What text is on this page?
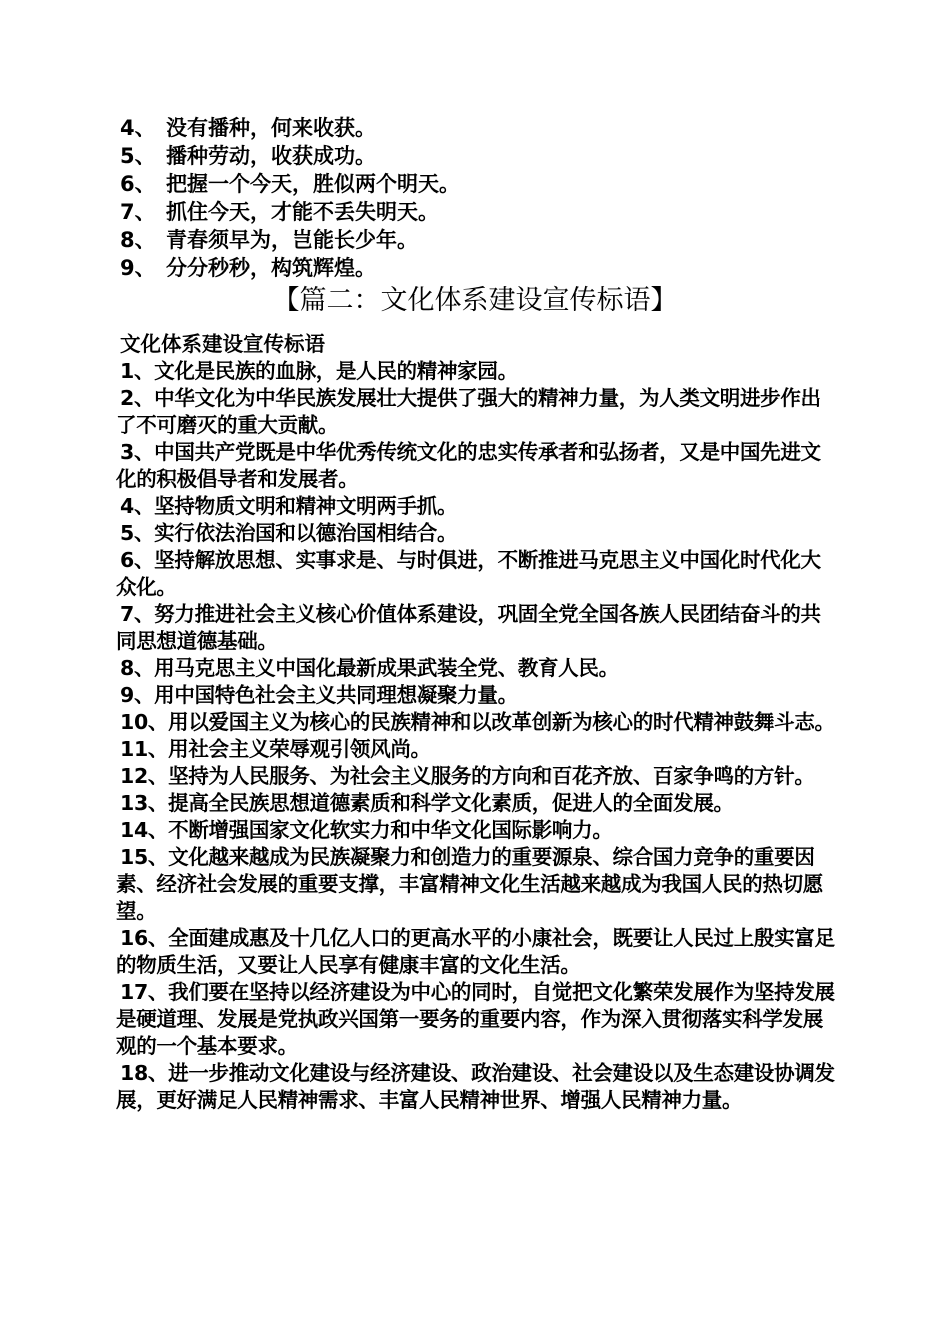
4、 没有播种，何来收获。
5、 播种劳动，收获成功。
6、 把握一个今天，胜似两个明天。
7、 抓住今天，才能不丢失明天。
8、 青春须早为，岂能长少年。
9、 分分秒秒，构筑辉煌。
【篇二：文化体系建设宣传标语】
文化体系建设宣传标语
1、文化是民族的血脉，是人民的精神家园。
2、中华文化为中华民族发展壮大提供了强大的精神力量，为人类文明进步作出了不可磨灭的重大贡献。
3、中国共产党既是中华优秀传统文化的忠实传承者和弘扬者，又是中国先进文化的积极倡导者和发展者。
4、坚持物质文明和精神文明两手抓。
5、实行依法治国和以德治国相结合。
6、坚持解放思想、实事求是、与时俱进，不断推进马克思主义中国化时代化大众化。
7、努力推进社会主义核心价值体系建设，巩固全党全国各族人民团结奋斗的共同思想道德基础。
8、用马克思主义中国化最新成果武装全党、教育人民。
9、用中国特色社会主义共同理想凝聚力量。
10、用以爱国主义为核心的民族精神和以改革创新为核心的时代精神鼓舞斗志。
11、用社会主义荣辱观引领风尚。
12、坚持为人民服务、为社会主义服务的方向和百花齐放、百家争鸣的方针。
13、提高全民族思想道德素质和科学文化素质，促进人的全面发展。
14、不断增强国家文化软实力和中华文化国际影响力。
15、文化越来越成为民族凝聚力和创造力的重要源泉、综合国力竞争的重要因素、经济社会发展的重要支撑，丰富精神文化生活越来越成为我国人民的热切愿望。
16、全面建成惠及十几亿人口的更高水平的小康社会，既要让人民过上殷实富足的物质生活，又要让人民享有健康丰富的文化生活。
17、我们要在坚持以经济建设为中心的同时，自觉把文化繁荣发展作为坚持发展是硬道理、发展是党执政兴国第一要务的重要内容，作为深入贯彻落实科学发展观的一个基本要求。
18、进一步推动文化建设与经济建设、政治建设、社会建设以及生态建设协调发展，更好满足人民精神需求、丰富人民精神世界、增强人民精神力量。
